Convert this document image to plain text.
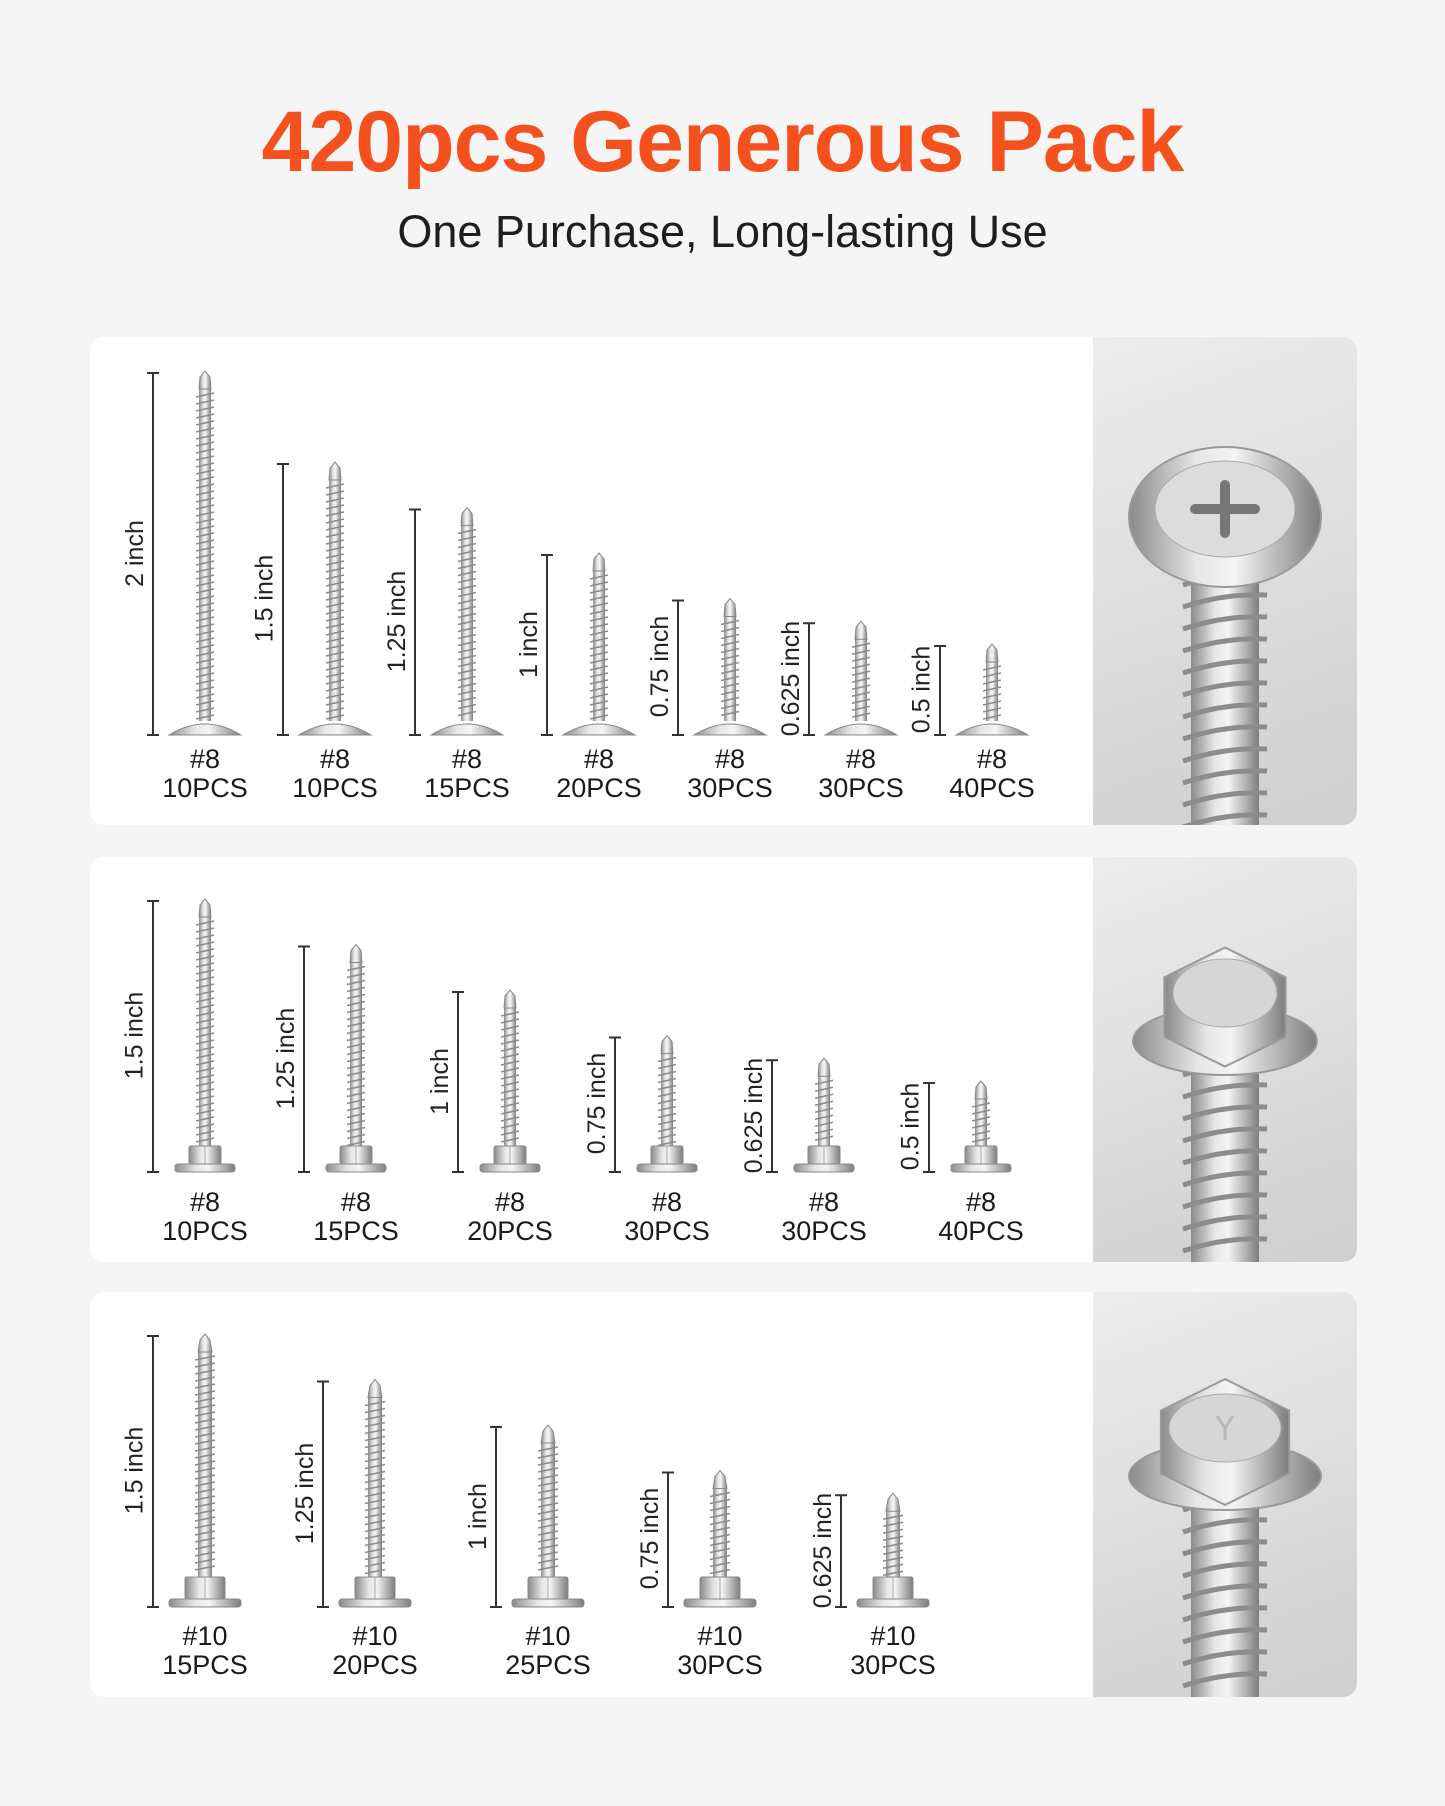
420pcs Generous Pack
One Purchase, Long-lasting Use
2 inch
#8
10PCS
1.5 inch
#8
10PCS
1.25 inch
#8
15PCS
1 inch
#8
20PCS
0.75 inch
#8
30PCS
0.625 inch
#8
30PCS
0.5 inch
#8
40PCS
1.5 inch
#8
10PCS
1.25 inch
#8
15PCS
1 inch
#8
20PCS
0.75 inch
#8
30PCS
0.625 inch
#8
30PCS
0.5 inch
#8
40PCS
1.5 inch
#10
15PCS
1.25 inch
#10
20PCS
1 inch
#10
25PCS
0.75 inch
#10
30PCS
0.625 inch
#10
30PCS
